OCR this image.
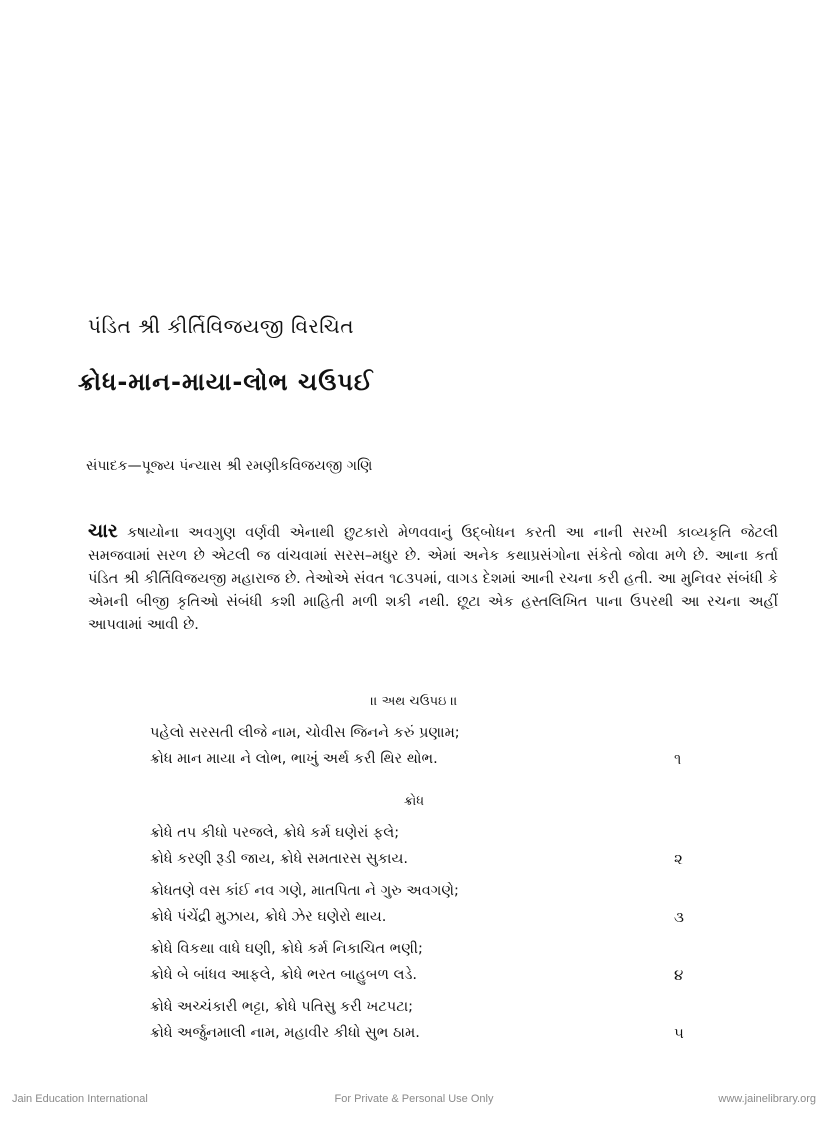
પંડિત શ્રી કીર્તિવિજયજી વિરચિત
ક્રોધ-માન-માયા-લોભ ચઉપઈ
સંપાદક—પૂજ્ય પંન્યાસ શ્રી રમણીકવિજયજી ગણિ
ચાર કષાયોના અવગુણ વર્ણવી એનાથી છુટકારો મેળવવાનું ઉદ્બોધન કરતી આ નાની સરખી કાવ્યકૃતિ જેટલી સમજવામાં સરળ છે એટલી જ વાંચવામાં સરસ–મધુર છે. એમાં અનેક કથાપ્રસંગોના સંકેતો જોવા મળે છે. આના કર્તા પંડિત શ્રી કીર્તિવિજયજી મહારાજ છે. તેઓએ સંવત ૧૮૩૫માં, વાગડ દેશમાં આની રચના કરી હતી. આ મુનિવર સંબંધી કે એમની બીજી કૃતિઓ સંબંધી કશી માહિતી મળી શકી નથી. છૂટા એક હસ્તલિખિત પાના ઉપરથી આ રચના અહીં આપવામાં આવી છે.
।। અથ ચઉપઇ ।।
પહેલો સરસતી લીજે નામ, ચોવીસ જિનને કરું પ્રણામ;
ક્રોધ માન માયા ને લોભ, ભાખું અર્થ કરી થિર થોભ.	૧
ક્રોધ
ક્રોધે તપ કીધો પરજલે, ક્રોધે કર્મ ઘણેરાં ફલે;
ક્રોધે કરણી રૂડી જાય, ક્રોધે સમતારસ સુકાય.	૨
ક્રોધતણે વસ કાંઈ નવ ગણે, માતપિતા ને ગુરુ અવગણે;
ક્રોધે પંચેંદ્રી મુઝાય, ક્રોધે ઝેર ઘણેરો થાય.	૩
ક્રોધે વિકથા વાધે ઘણી, ક્રોધે કર્મ નિકાચિત ભણી;
ક્રોધે બે બાંધવ આફલે, ક્રોધે ભરત બાહુબળ લડે.	૪
ક્રોધે અચ્ચંકારી ભટ્ટા, ક્રોધે પતિસુ કરી ખટપટા;
ક્રોધે અર્જુનમાલી નામ, મહાવીર કીધો સુભ ઠામ.	૫
Jain Education International	For Private & Personal Use Only	www.jainelibrary.org
